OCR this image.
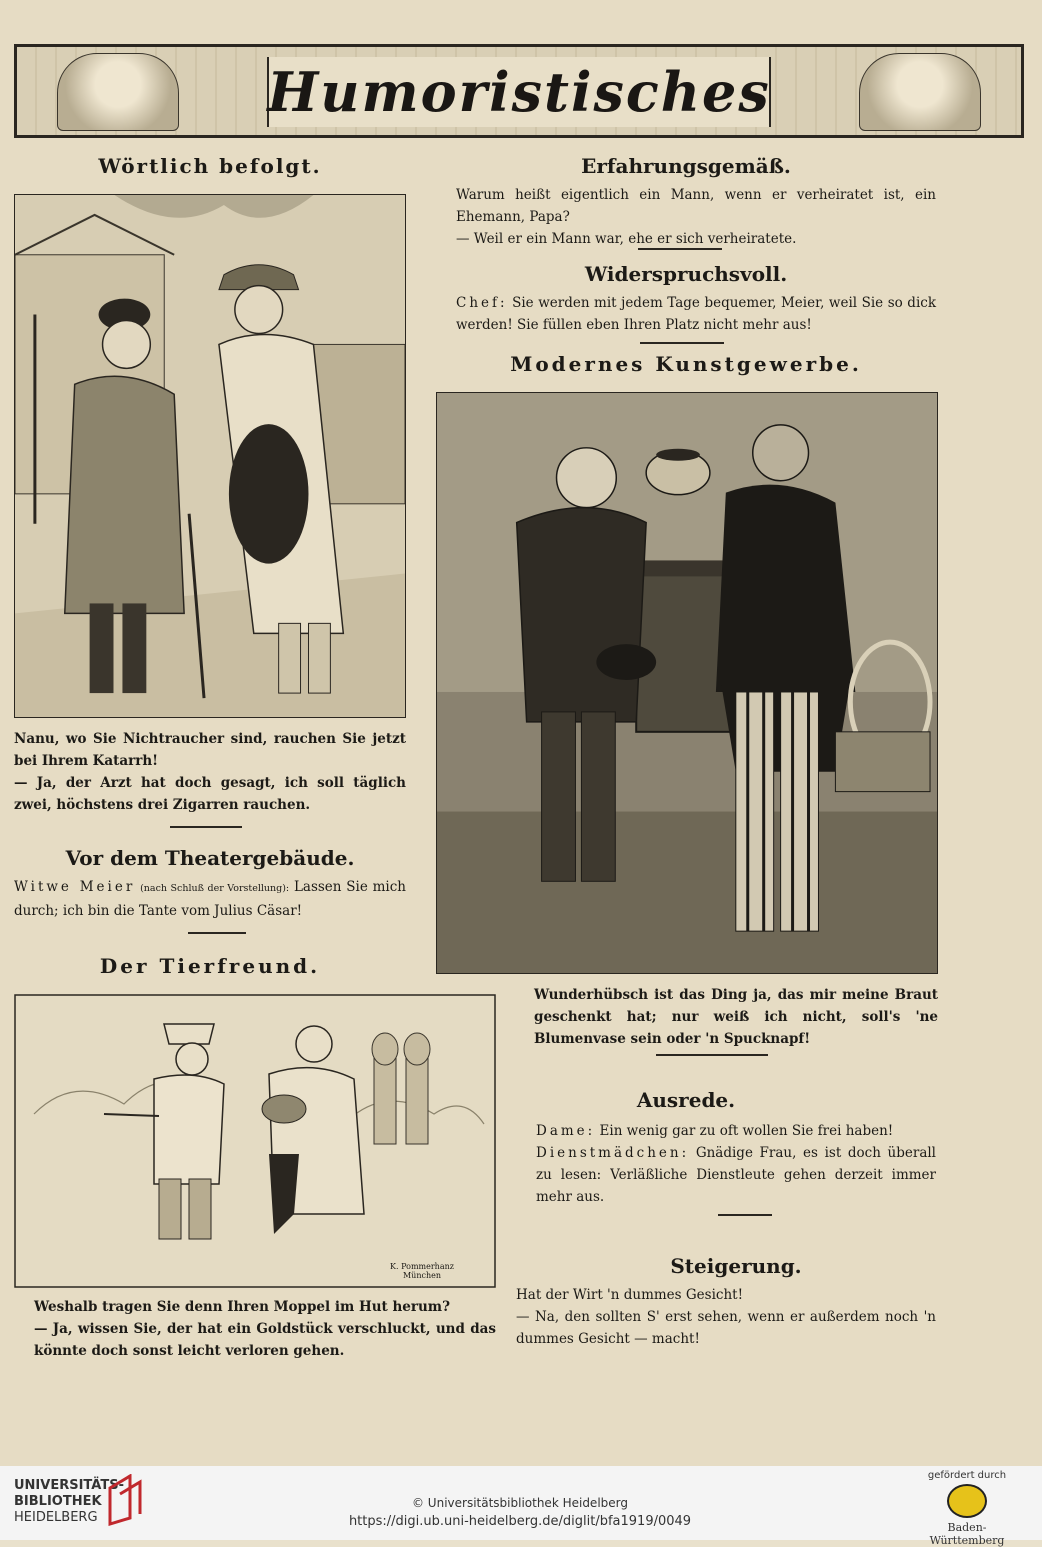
Humoristisches
Wörtlich befolgt.

Nanu, wo Sie Nichtraucher sind, rauchen Sie jetzt bei Ihrem Katarrh!

— Ja, der Arzt hat doch gesagt, ich soll täglich zwei, höchstens drei Zigarren rauchen.

Vor dem Theatergebäude.

Witwe Meier (nach Schluß der Vorstellung): Lassen Sie mich durch; ich bin die Tante vom Julius Cäsar!

Der Tierfreund.
K. Pommerhanz München

Weshalb tragen Sie denn Ihren Moppel im Hut herum?

— Ja, wissen Sie, der hat ein Goldstück verschluckt, und das könnte doch sonst leicht verloren gehen.

Erfahrungsgemäß.

Warum heißt eigentlich ein Mann, wenn er verheiratet ist, ein Ehemann, Papa?

— Weil er ein Mann war, ehe er sich verheiratete.

Widerspruchsvoll.

Chef: Sie werden mit jedem Tage bequemer, Meier, weil Sie so dick werden! Sie füllen eben Ihren Platz nicht mehr aus!

Modernes Kunstgewerbe.
Wunderhübsch ist das Ding ja, das mir meine Braut geschenkt hat; nur weiß ich nicht, soll's 'ne Blumenvase sein oder 'n Spucknapf!
Ausrede.

Dame: Ein wenig gar zu oft wollen Sie frei haben!

Dienstmädchen: Gnädige Frau, es ist doch überall zu lesen: Verläßliche Dienstleute gehen derzeit immer mehr aus.

Steigerung.

Hat der Wirt 'n dummes Gesicht!

— Na, den sollten S' erst sehen, wenn er außerdem noch 'n dummes Gesicht — macht!

UNIVERSITÄTS-
BIBLIOTHEK
HEIDELBERG
© Universitätsbibliothek Heidelberg
https://digi.ub.uni-heidelberg.de/diglit/bfa1919/0049
gefördert durch
Baden-Württemberg
